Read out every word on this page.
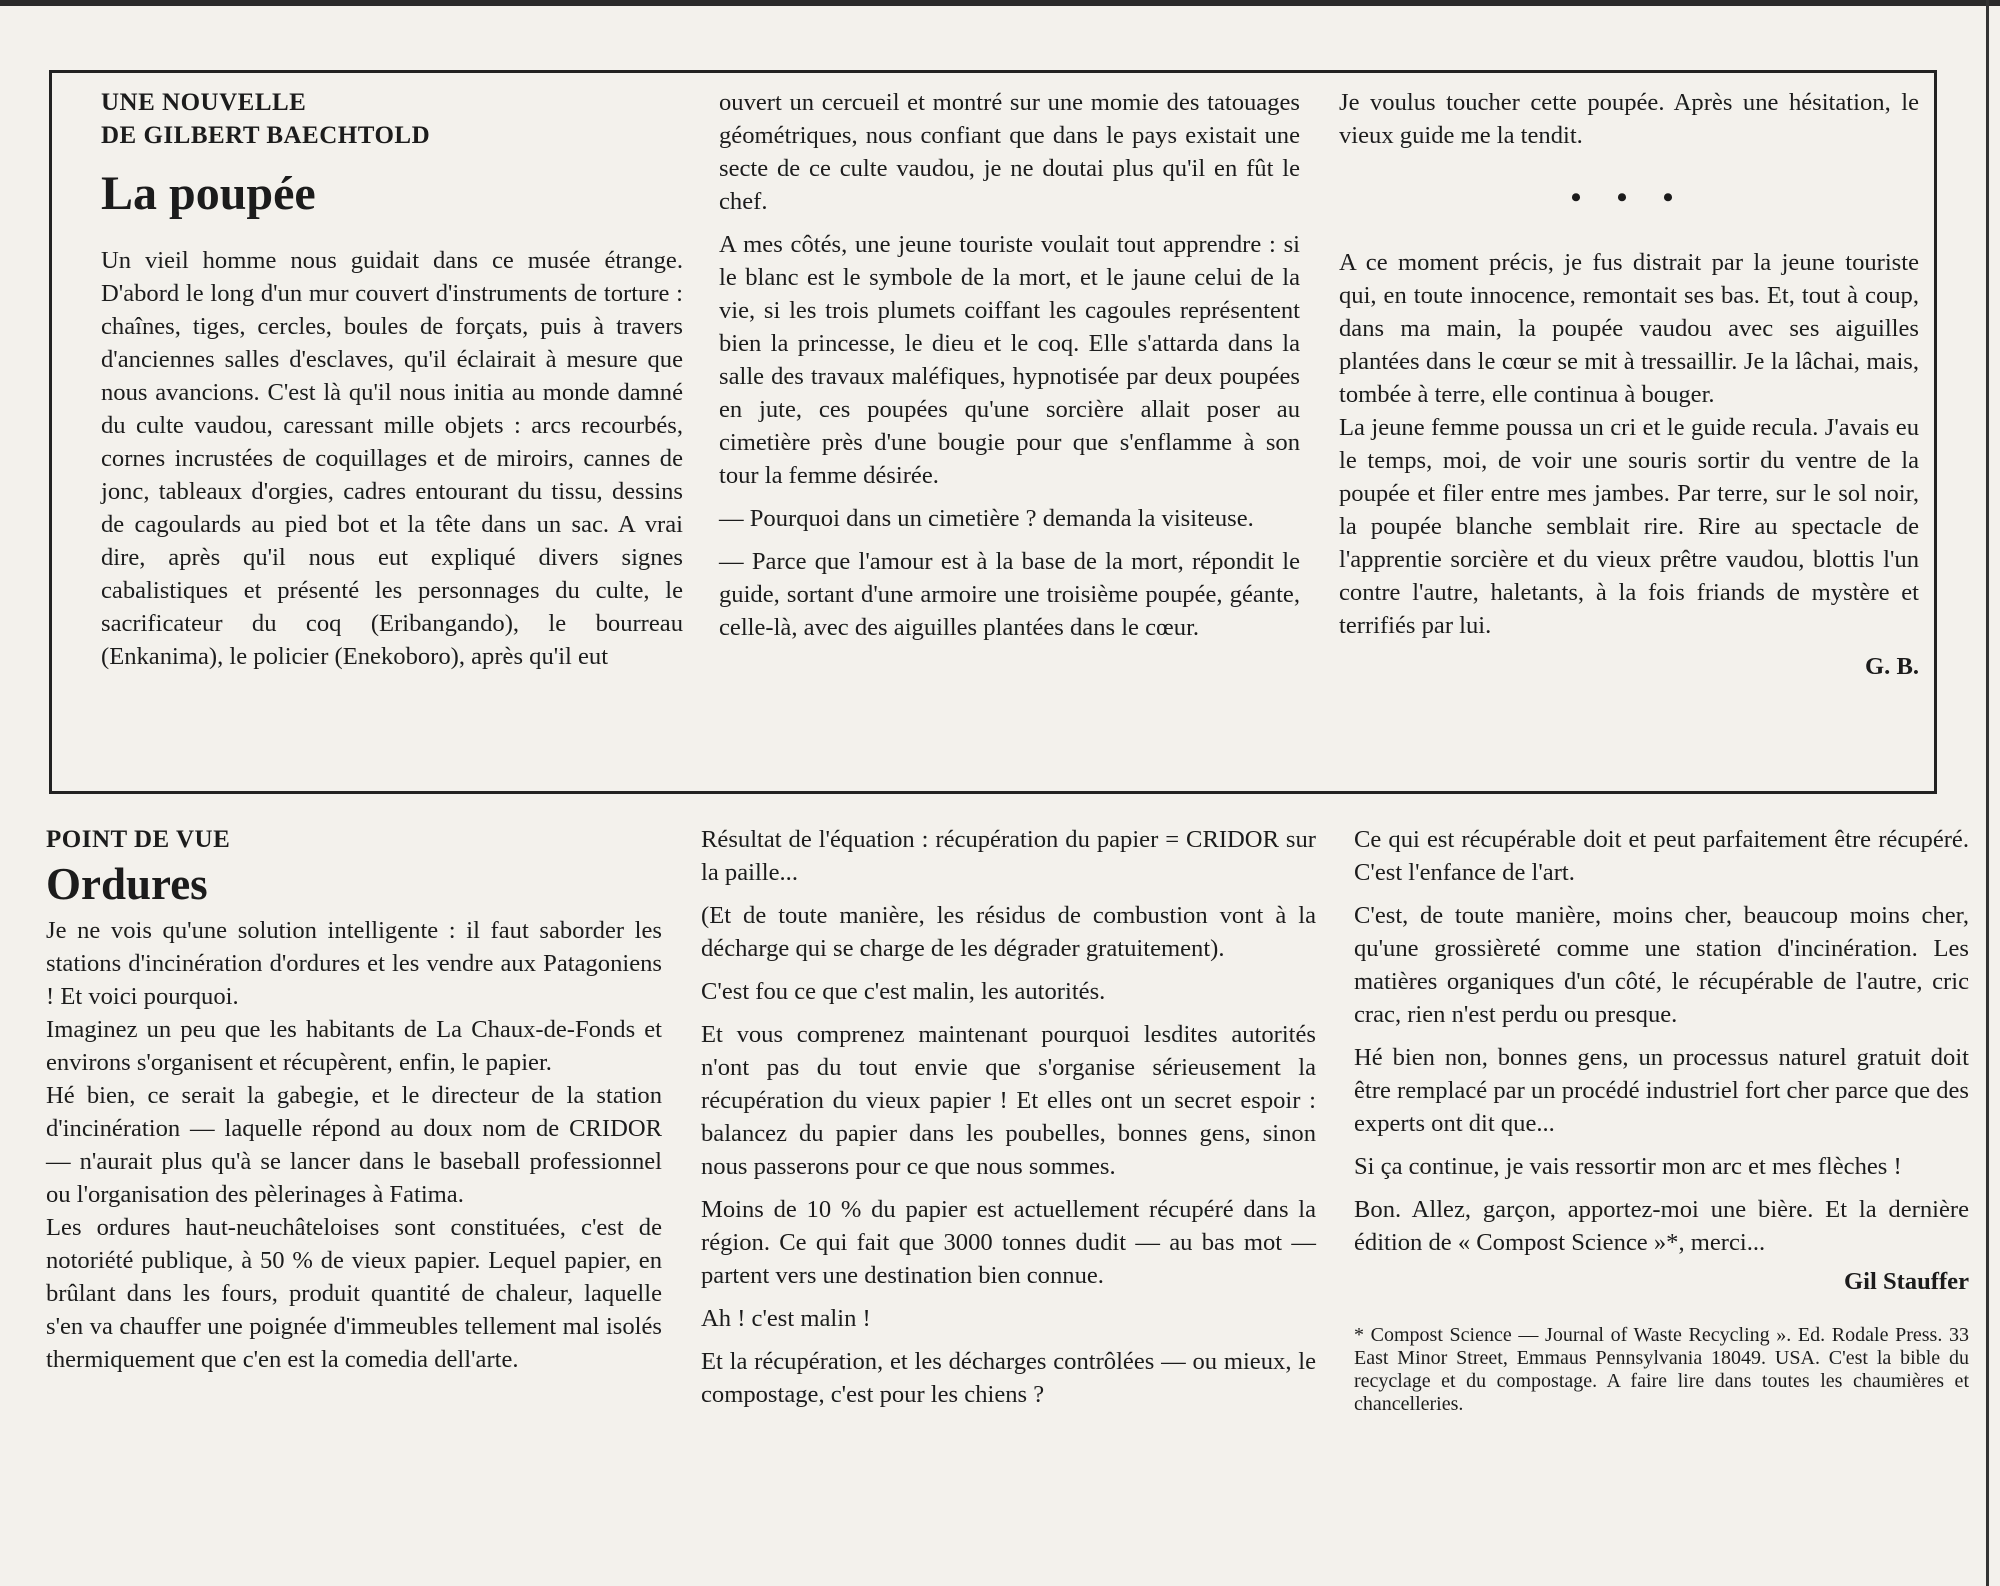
UNE NOUVELLE
DE GILBERT BAECHTOLD
La poupée

Un vieil homme nous guidait dans ce musée étrange. D'abord le long d'un mur couvert d'instruments de torture : chaînes, tiges, cercles, boules de forçats, puis à travers d'anciennes salles d'esclaves, qu'il éclairait à mesure que nous avancions. C'est là qu'il nous initia au monde damné du culte vaudou, caressant mille objets : arcs recourbés, cornes incrustées de coquillages et de miroirs, cannes de jonc, tableaux d'orgies, cadres entourant du tissu, dessins de cagoulards au pied bot et la tête dans un sac. A vrai dire, après qu'il nous eut expliqué divers signes cabalistiques et présenté les personnages du culte, le sacrificateur du coq (Eribangando), le bourreau (Enkanima), le policier (Enekoboro), après qu'il eut

ouvert un cercueil et montré sur une momie des tatouages géométriques, nous confiant que dans le pays existait une secte de ce culte vaudou, je ne doutai plus qu'il en fût le chef.

A mes côtés, une jeune touriste voulait tout apprendre : si le blanc est le symbole de la mort, et le jaune celui de la vie, si les trois plumets coiffant les cagoules représentent bien la princesse, le dieu et le coq. Elle s'attarda dans la salle des travaux maléfiques, hypnotisée par deux poupées en jute, ces poupées qu'une sorcière allait poser au cimetière près d'une bougie pour que s'enflamme à son tour la femme désirée.

— Pourquoi dans un cimetière ? demanda la visiteuse.

— Parce que l'amour est à la base de la mort, répondit le guide, sortant d'une armoire une troisième poupée, géante, celle-là, avec des aiguilles plantées dans le cœur.

Je voulus toucher cette poupée. Après une hésitation, le vieux guide me la tendit.

• • •

A ce moment précis, je fus distrait par la jeune touriste qui, en toute innocence, remontait ses bas. Et, tout à coup, dans ma main, la poupée vaudou avec ses aiguilles plantées dans le cœur se mit à tressaillir. Je la lâchai, mais, tombée à terre, elle continua à bouger.

La jeune femme poussa un cri et le guide recula. J'avais eu le temps, moi, de voir une souris sortir du ventre de la poupée et filer entre mes jambes. Par terre, sur le sol noir, la poupée blanche semblait rire. Rire au spectacle de l'apprentie sorcière et du vieux prêtre vaudou, blottis l'un contre l'autre, haletants, à la fois friands de mystère et terrifiés par lui.

G. B.
POINT DE VUE
Ordures

Je ne vois qu'une solution intelligente : il faut saborder les stations d'incinération d'ordures et les vendre aux Patagoniens ! Et voici pourquoi.

Imaginez un peu que les habitants de La Chaux-de-Fonds et environs s'organisent et récupèrent, enfin, le papier.

Hé bien, ce serait la gabegie, et le directeur de la station d'incinération — laquelle répond au doux nom de CRIDOR — n'aurait plus qu'à se lancer dans le baseball professionnel ou l'organisation des pèlerinages à Fatima.

Les ordures haut-neuchâteloises sont constituées, c'est de notoriété publique, à 50 % de vieux papier. Lequel papier, en brûlant dans les fours, produit quantité de chaleur, laquelle s'en va chauffer une poignée d'immeubles tellement mal isolés thermiquement que c'en est la comedia dell'arte.

Résultat de l'équation : récupération du papier = CRIDOR sur la paille...

(Et de toute manière, les résidus de combustion vont à la décharge qui se charge de les dégrader gratuitement).

C'est fou ce que c'est malin, les autorités.

Et vous comprenez maintenant pourquoi lesdites autorités n'ont pas du tout envie que s'organise sérieusement la récupération du vieux papier ! Et elles ont un secret espoir : balancez du papier dans les poubelles, bonnes gens, sinon nous passerons pour ce que nous sommes.

Moins de 10 % du papier est actuellement récupéré dans la région. Ce qui fait que 3000 tonnes dudit — au bas mot — partent vers une destination bien connue.

Ah ! c'est malin !

Et la récupération, et les décharges contrôlées — ou mieux, le compostage, c'est pour les chiens ?

Ce qui est récupérable doit et peut parfaitement être récupéré. C'est l'enfance de l'art.

C'est, de toute manière, moins cher, beaucoup moins cher, qu'une grossièreté comme une station d'incinération. Les matières organiques d'un côté, le récupérable de l'autre, cric crac, rien n'est perdu ou presque.

Hé bien non, bonnes gens, un processus naturel gratuit doit être remplacé par un procédé industriel fort cher parce que des experts ont dit que...

Si ça continue, je vais ressortir mon arc et mes flèches !

Bon. Allez, garçon, apportez-moi une bière. Et la dernière édition de « Compost Science »*, merci...

Gil Stauffer
* Compost Science — Journal of Waste Recycling ». Ed. Rodale Press. 33 East Minor Street, Emmaus Pennsylvania 18049. USA. C'est la bible du recyclage et du compostage. A faire lire dans toutes les chaumières et chancelleries.
